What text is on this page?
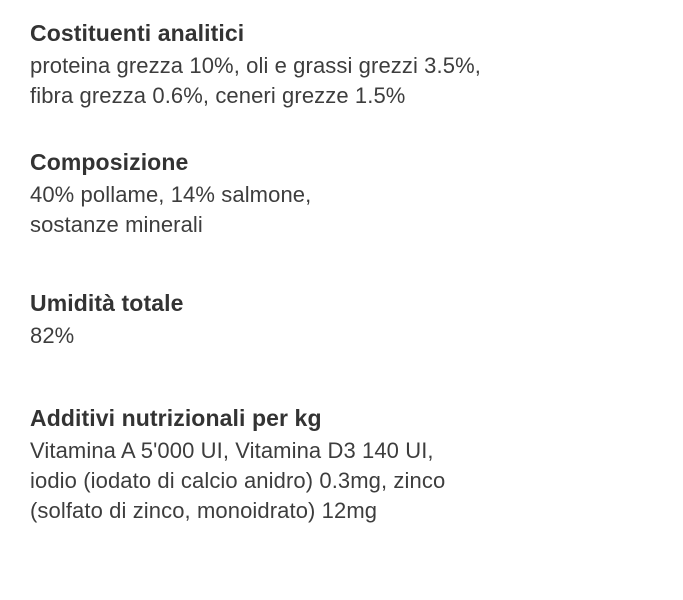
Costituenti analitici

proteina grezza 10%, oli e grassi grezzi 3.5%,

fibra grezza 0.6%, ceneri grezze 1.5%

Composizione

40% pollame, 14% salmone,

sostanze minerali

Umidità totale

82%

Additivi nutrizionali per kg

Vitamina A 5'000 UI, Vitamina D3 140 UI,

iodio (iodato di calcio anidro) 0.3mg, zinco

(solfato di zinco, monoidrato) 12mg
